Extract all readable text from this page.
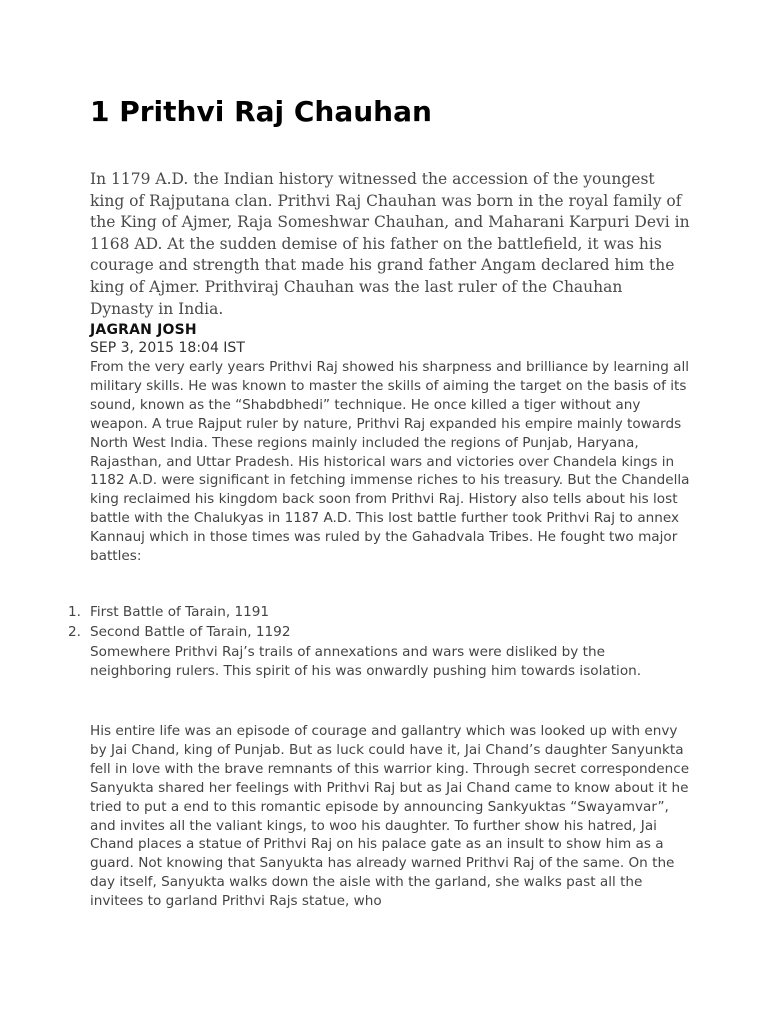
1 Prithvi Raj Chauhan

In 1179 A.D. the Indian history witnessed the accession of the youngest king of Rajputana clan. Prithvi Raj Chauhan was born in the royal family of the King of Ajmer, Raja Someshwar Chauhan, and Maharani Karpuri Devi in 1168 AD. At the sudden demise of his father on the battlefield, it was his courage and strength that made his grand father Angam declared him the king of Ajmer. Prithviraj Chauhan was the last ruler of the Chauhan Dynasty in India.

JAGRAN JOSH
SEP 3, 2015 18:04 IST

From the very early years Prithvi Raj showed his sharpness and brilliance by learning all military skills. He was known to master the skills of aiming the target on the basis of its sound, known as the “Shabdbhedi” technique. He once killed a tiger without any weapon. A true Rajput ruler by nature, Prithvi Raj expanded his empire mainly towards North West India. These regions mainly included the regions of Punjab, Haryana, Rajasthan, and Uttar Pradesh. His historical wars and victories over Chandela kings in 1182 A.D. were significant in fetching immense riches to his treasury. But the Chandella king reclaimed his kingdom back soon from Prithvi Raj. History also tells about his lost battle with the Chalukyas in 1187 A.D. This lost battle further took Prithvi Raj to annex Kannauj which in those times was ruled by the Gahadvala Tribes. He fought two major battles:

1. First Battle of Tarain, 1191
2. Second Battle of Tarain, 1192

Somewhere Prithvi Raj’s trails of annexations and wars were disliked by the neighboring rulers. This spirit of his was onwardly pushing him towards isolation.

His entire life was an episode of courage and gallantry which was looked up with envy by Jai Chand, king of Punjab. But as luck could have it, Jai Chand’s daughter Sanyunkta fell in love with the brave remnants of this warrior king. Through secret correspondence Sanyukta shared her feelings with Prithvi Raj but as Jai Chand came to know about it he tried to put a end to this romantic episode by announcing Sankyuktas “Swayamvar”, and invites all the valiant kings, to woo his daughter. To further show his hatred, Jai Chand places a statue of Prithvi Raj on his palace gate as an insult to show him as a guard. Not knowing that Sanyukta has already warned Prithvi Raj of the same. On the day itself, Sanyukta walks down the aisle with the garland, she walks past all the invitees to garland Prithvi Rajs statue, who
